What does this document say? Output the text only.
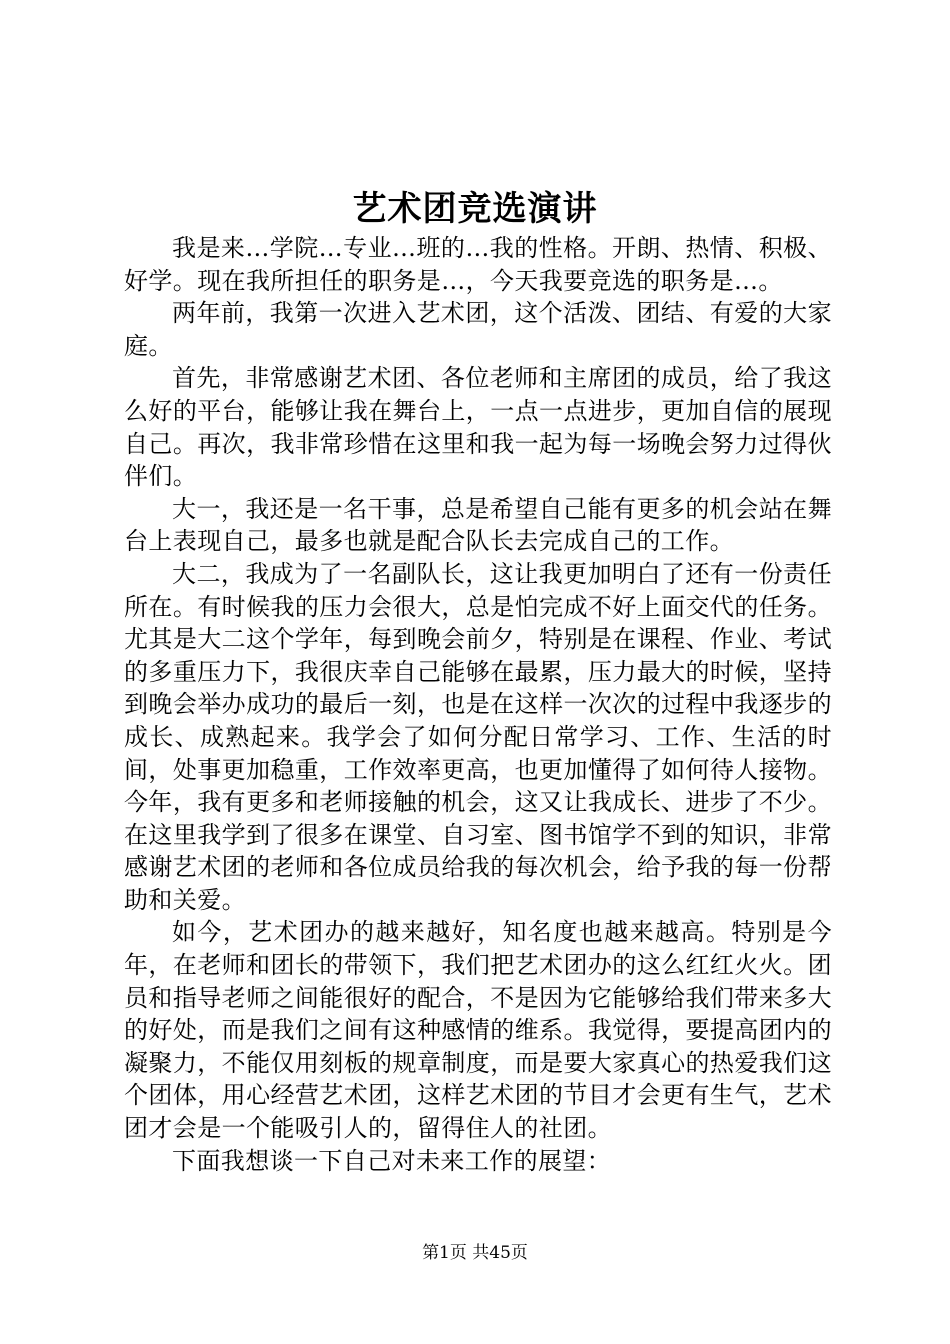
艺术团竞选演讲

我是来…学院…专业…班的…我的性格。开朗、热情、积极、好学。现在我所担任的职务是…，今天我要竞选的职务是…。

两年前，我第一次进入艺术团，这个活泼、团结、有爱的大家庭。

首先，非常感谢艺术团、各位老师和主席团的成员，给了我这么好的平台，能够让我在舞台上，一点一点进步，更加自信的展现自己。再次，我非常珍惜在这里和我一起为每一场晚会努力过得伙伴们。

大一，我还是一名干事，总是希望自己能有更多的机会站在舞台上表现自己，最多也就是配合队长去完成自己的工作。

大二，我成为了一名副队长，这让我更加明白了还有一份责任所在。有时候我的压力会很大，总是怕完成不好上面交代的任务。尤其是大二这个学年，每到晚会前夕，特别是在课程、作业、考试的多重压力下，我很庆幸自己能够在最累，压力最大的时候，坚持到晚会举办成功的最后一刻，也是在这样一次次的过程中我逐步的成长、成熟起来。我学会了如何分配日常学习、工作、生活的时间，处事更加稳重，工作效率更高，也更加懂得了如何待人接物。今年，我有更多和老师接触的机会，这又让我成长、进步了不少。在这里我学到了很多在课堂、自习室、图书馆学不到的知识，非常感谢艺术团的老师和各位成员给我的每次机会，给予我的每一份帮助和关爱。

如今，艺术团办的越来越好，知名度也越来越高。特别是今年，在老师和团长的带领下，我们把艺术团办的这么红红火火。团员和指导老师之间能很好的配合，不是因为它能够给我们带来多大的好处，而是我们之间有这种感情的维系。我觉得，要提高团内的凝聚力，不能仅用刻板的规章制度，而是要大家真心的热爱我们这个团体，用心经营艺术团，这样艺术团的节目才会更有生气，艺术团才会是一个能吸引人的，留得住人的社团。

下面我想谈一下自己对未来工作的展望：

第1页 共45页
